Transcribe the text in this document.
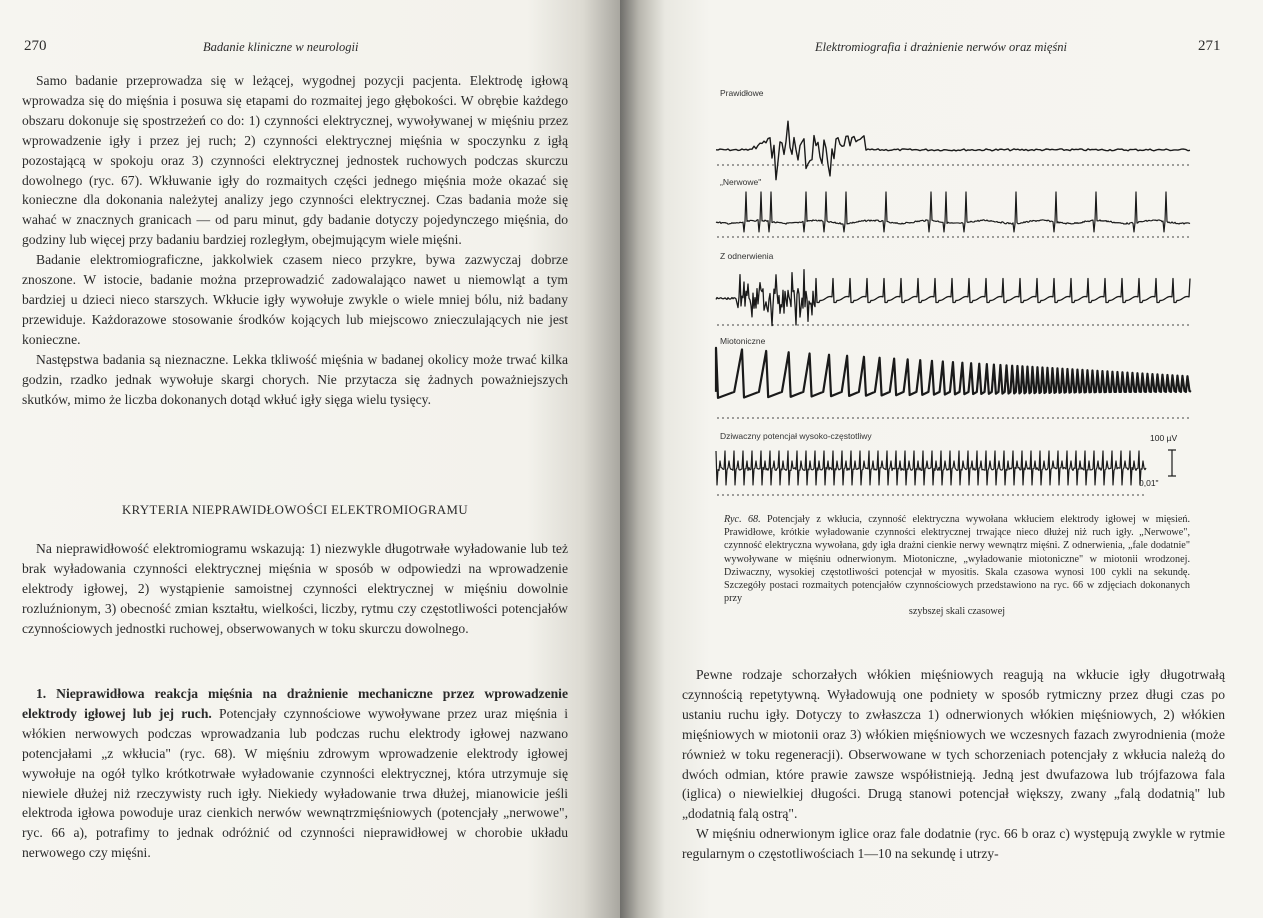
270	Badanie kliniczne w neurologii

Samo badanie przeprowadza się w leżącej, wygodnej pozycji pacjenta. Elektrodę igłową wprowadza się do mięśnia i posuwa się etapami do rozmaitej jego głębokości. W obrębie każdego obszaru dokonuje się spostrzeżeń co do: 1) czynności elektrycznej, wywoływanej w mięśniu przez wprowadzenie igły i przez jej ruch; 2) czynności elektrycznej mięśnia w spoczynku z igłą pozostającą w spokoju oraz 3) czynności elektrycznej jednostek ruchowych podczas skurczu dowolnego (ryc. 67). Wkłuwanie igły do rozmaitych części jednego mięśnia może okazać się konieczne dla dokonania należytej analizy jego czynności elektrycznej. Czas badania może się wahać w znacznych granicach — od paru minut, gdy badanie dotyczy pojedynczego mięśnia, do godziny lub więcej przy badaniu bardziej rozległym, obejmującym wiele mięśni.

Badanie elektromiograficzne, jakkolwiek czasem nieco przykre, bywa zazwyczaj dobrze znoszone. W istocie, badanie można przeprowadzić zadowalająco nawet u niemowląt a tym bardziej u dzieci nieco starszych. Wkłucie igły wywołuje zwykle o wiele mniej bólu, niż badany przewiduje. Każdorazowe stosowanie środków kojących lub miejscowo znieczulających nie jest konieczne.

Następstwa badania są nieznaczne. Lekka tkliwość mięśnia w badanej okolicy może trwać kilka godzin, rzadko jednak wywołuje skargi chorych. Nie przytacza się żadnych poważniejszych skutków, mimo że liczba dokonanych dotąd wkłuć igły sięga wielu tysięcy.

KRYTERIA NIEPRAWIDŁOWOŚCI ELEKTROMIOGRAMU

Na nieprawidłowość elektromiogramu wskazują: 1) niezwykle długotrwałe wyładowanie lub też brak wyładowania czynności elektrycznej mięśnia w sposób w odpowiedzi na wprowadzenie elektrody igłowej, 2) wystąpienie samoistnej czynności elektrycznej w mięśniu dowolnie rozluźnionym, 3) obecność zmian kształtu, wielkości, liczby, rytmu czy częstotliwości potencjałów czynnościowych jednostki ruchowej, obserwowanych w toku skurczu dowolnego.

1. Nieprawidłowa reakcja mięśnia na drażnienie mechaniczne przez wprowadzenie elektrody igłowej lub jej ruch. Potencjały czynnościowe wywoływane przez uraz mięśnia i włókien nerwowych podczas wprowadzania lub podczas ruchu elektrody igłowej nazwano potencjałami „z wkłucia" (ryc. 68). W mięśniu zdrowym wprowadzenie elektrody igłowej wywołuje na ogół tylko krótkotrwałe wyładowanie czynności elektrycznej, która utrzymuje się niewiele dłużej niż rzeczywisty ruch igły. Niekiedy wyładowanie trwa dłużej, mianowicie jeśli elektroda igłowa powoduje uraz cienkich nerwów wewnątrzmięśniowych (potencjały „nerwowe", ryc. 66 a), potrafimy to jednak odróżnić od czynności nieprawidłowej w chorobie układu nerwowego czy mięśni.

Elektromiografia i drażnienie nerwów oraz mięśni	271
Prawidłowe
„Nerwowe"
Z odnerwienia
Miotoniczne
Dziwaczny potencjał wysoko-częstotliwy	100 µV
0,01"
Ryc. 68. Potencjały z wkłucia, czynność elektryczna wywołana wkłuciem elektrody igłowej w mięsień. Prawidłowe, krótkie wyładowanie czynności elektrycznej trwające nieco dłużej niż ruch igły. „Nerwowe", czynność elektryczna wywołana, gdy igła drażni cienkie nerwy wewnątrz mięśni. Z odnerwienia, „fale dodatnie" wywoływane w mięśniu odnerwionym. Miotoniczne, „wyładowanie miotoniczne" w miotonii wrodzonej. Dziwaczny, wysokiej częstotliwości potencjał w myositis. Skala czasowa wynosi 100 cykli na sekundę. Szczegóły postaci rozmaitych potencjałów czynnościowych przedstawiono na ryc. 66 w zdjęciach dokonanych przy
szybszej skali czasowej

Pewne rodzaje schorzałych włókien mięśniowych reagują na wkłucie igły długotrwałą czynnością repetytywną. Wyładowują one podniety w sposób rytmiczny przez długi czas po ustaniu ruchu igły. Dotyczy to zwłaszcza 1) odnerwionych włókien mięśniowych, 2) włókien mięśniowych w miotonii oraz 3) włókien mięśniowych we wczesnych fazach zwyrodnienia (może również w toku regeneracji). Obserwowane w tych schorzeniach potencjały z wkłucia należą do dwóch odmian, które prawie zawsze współistnieją. Jedną jest dwufazowa lub trójfazowa fala (iglica) o niewielkiej długości. Drugą stanowi potencjał większy, zwany „falą dodatnią" lub „dodatnią falą ostrą".

W mięśniu odnerwionym iglice oraz fale dodatnie (ryc. 66 b oraz c) występują zwykle w rytmie regularnym o częstotliwościach 1—10 na sekundę i utrzy-
